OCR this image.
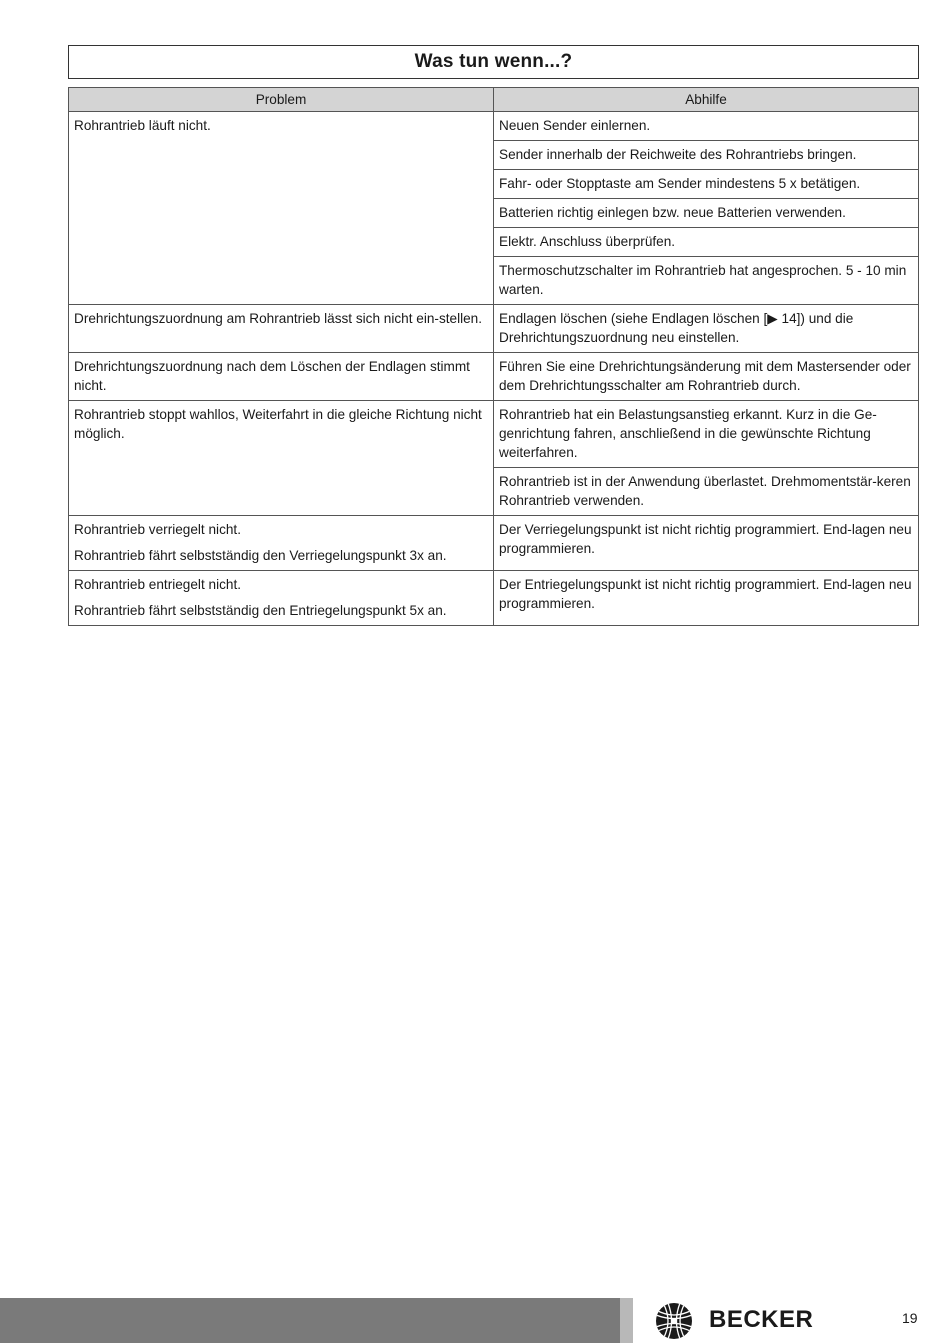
Was tun wenn...?
Problem	Abhilfe

Rohrantrieb läuft nicht.	Neuen Sender einlernen.
	Sender innerhalb der Reichweite des Rohrantriebs bringen.
	Fahr- oder Stopptaste am Sender mindestens 5 x betätigen.
	Batterien richtig einlegen bzw. neue Batterien verwenden.
	Elektr. Anschluss überprüfen.
	Thermoschutzschalter im Rohrantrieb hat angesprochen. 5 - 10 min warten.

Drehrichtungszuordnung am Rohrantrieb lässt sich nicht ein-stellen.	Endlagen löschen (siehe Endlagen löschen [▶ 14]) und die Drehrichtungszuordnung neu einstellen.

Drehrichtungszuordnung nach dem Löschen der Endlagen stimmt nicht.	Führen Sie eine Drehrichtungsänderung mit dem Mastersender oder dem Drehrichtungsschalter am Rohrantrieb durch.

Rohrantrieb stoppt wahllos, Weiterfahrt in die gleiche Richtung nicht möglich.	Rohrantrieb hat ein Belastungsanstieg erkannt. Kurz in die Ge-genrichtung fahren, anschließend in die gewünschte Richtung weiterfahren.
	Rohrantrieb ist in der Anwendung überlastet. Drehmomentstär-keren Rohrantrieb verwenden.

Rohrantrieb verriegelt nicht.

Rohrantrieb fährt selbstständig den Verriegelungspunkt 3x an.	Der Verriegelungspunkt ist nicht richtig programmiert. End-lagen neu programmieren.

Rohrantrieb entriegelt nicht.

Rohrantrieb fährt selbstständig den Entriegelungspunkt 5x an.	Der Entriegelungspunkt ist nicht richtig programmiert. End-lagen neu programmieren.
BECKER	19
